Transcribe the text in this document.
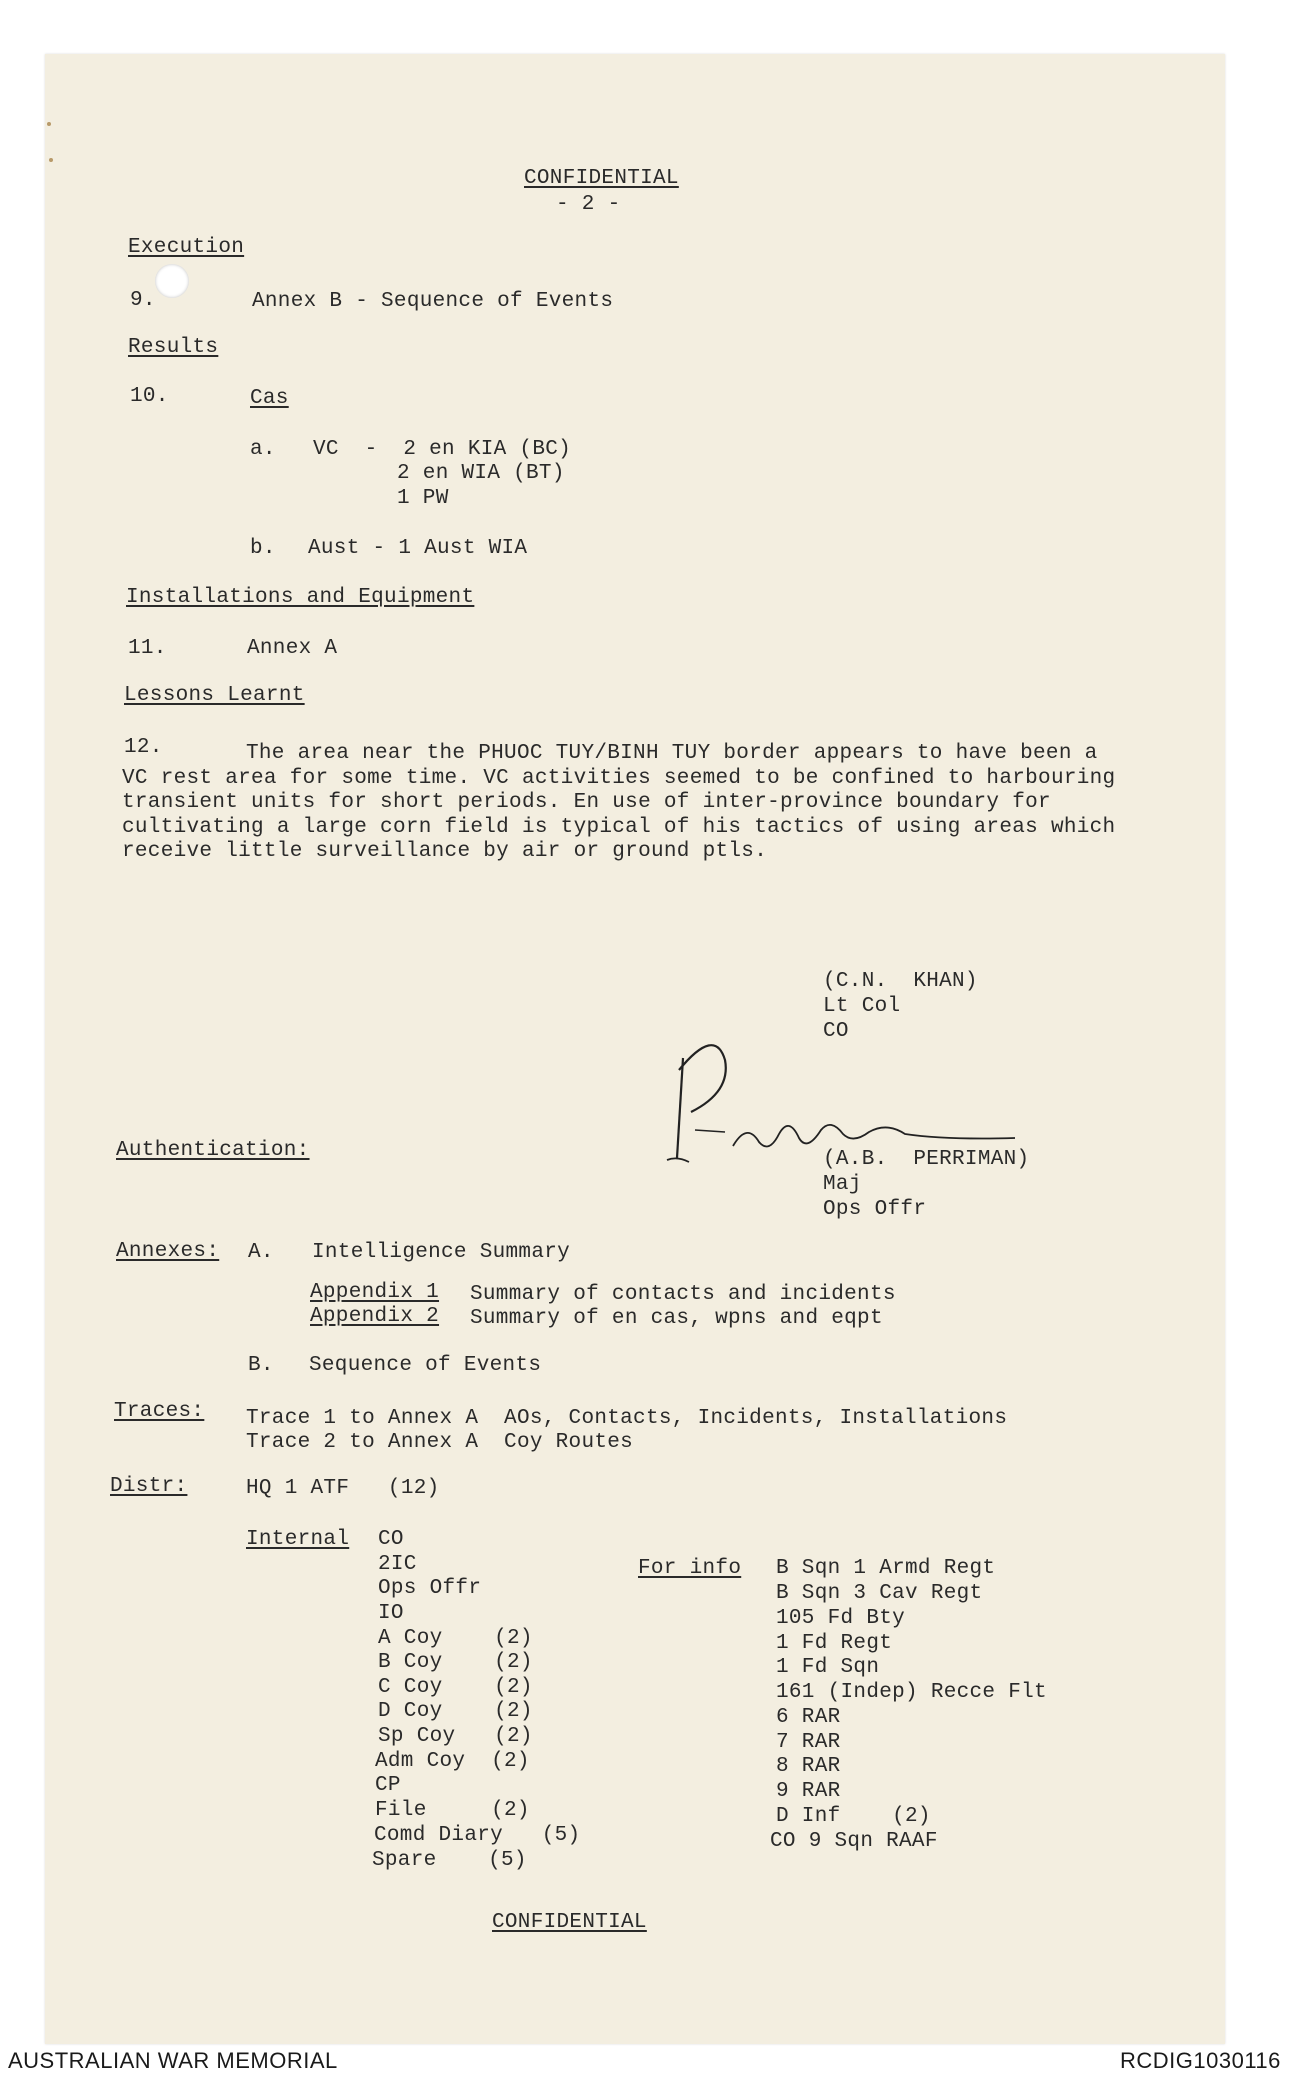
CONFIDENTIAL
- 2 -
Execution
9.	Annex B - Sequence of Events
Results
10.	Cas
a. VC  -  2 en KIA (BC)
2 en WIA (BT)
1 PW
b. Aust - 1 Aust WIA
Installations and Equipment
11.	Annex A
Lessons Learnt
12.	The area near the PHUOC TUY/BINH TUY border appears to have been a
VC rest area for some time. VC activities seemed to be confined to harbouring
transient units for short periods. En use of inter-province boundary for
cultivating a large corn field is typical of his tactics of using areas which
receive little surveillance by air or ground ptls.
(C.N.  KHAN)
Lt Col
CO
Authentication:	(A.B.  PERRIMAN)
Maj
Ops Offr
Annexes: A. Intelligence Summary
Appendix 1 Summary of contacts and incidents
Appendix 2 Summary of en cas, wpns and eqpt
B. Sequence of Events
Traces: Trace 1 to Annex A  AOs, Contacts, Incidents, Installations
Trace 2 to Annex A  Coy Routes
Distr:	HQ 1 ATF   (12)
Internal CO
2IC
Ops Offr
IO
A Coy    (2)
B Coy    (2)
C Coy    (2)
D Coy    (2)
Sp Coy   (2)
Adm Coy  (2)
CP
File     (2)
Comd Diary   (5)
Spare    (5)
For info B Sqn 1 Armd Regt
B Sqn 3 Cav Regt
105 Fd Bty
1 Fd Regt
1 Fd Sqn
161 (Indep) Recce Flt
6 RAR
7 RAR
8 RAR
9 RAR
D Inf    (2)
CO 9 Sqn RAAF
CONFIDENTIAL
AUSTRALIAN WAR MEMORIAL	RCDIG1030116
